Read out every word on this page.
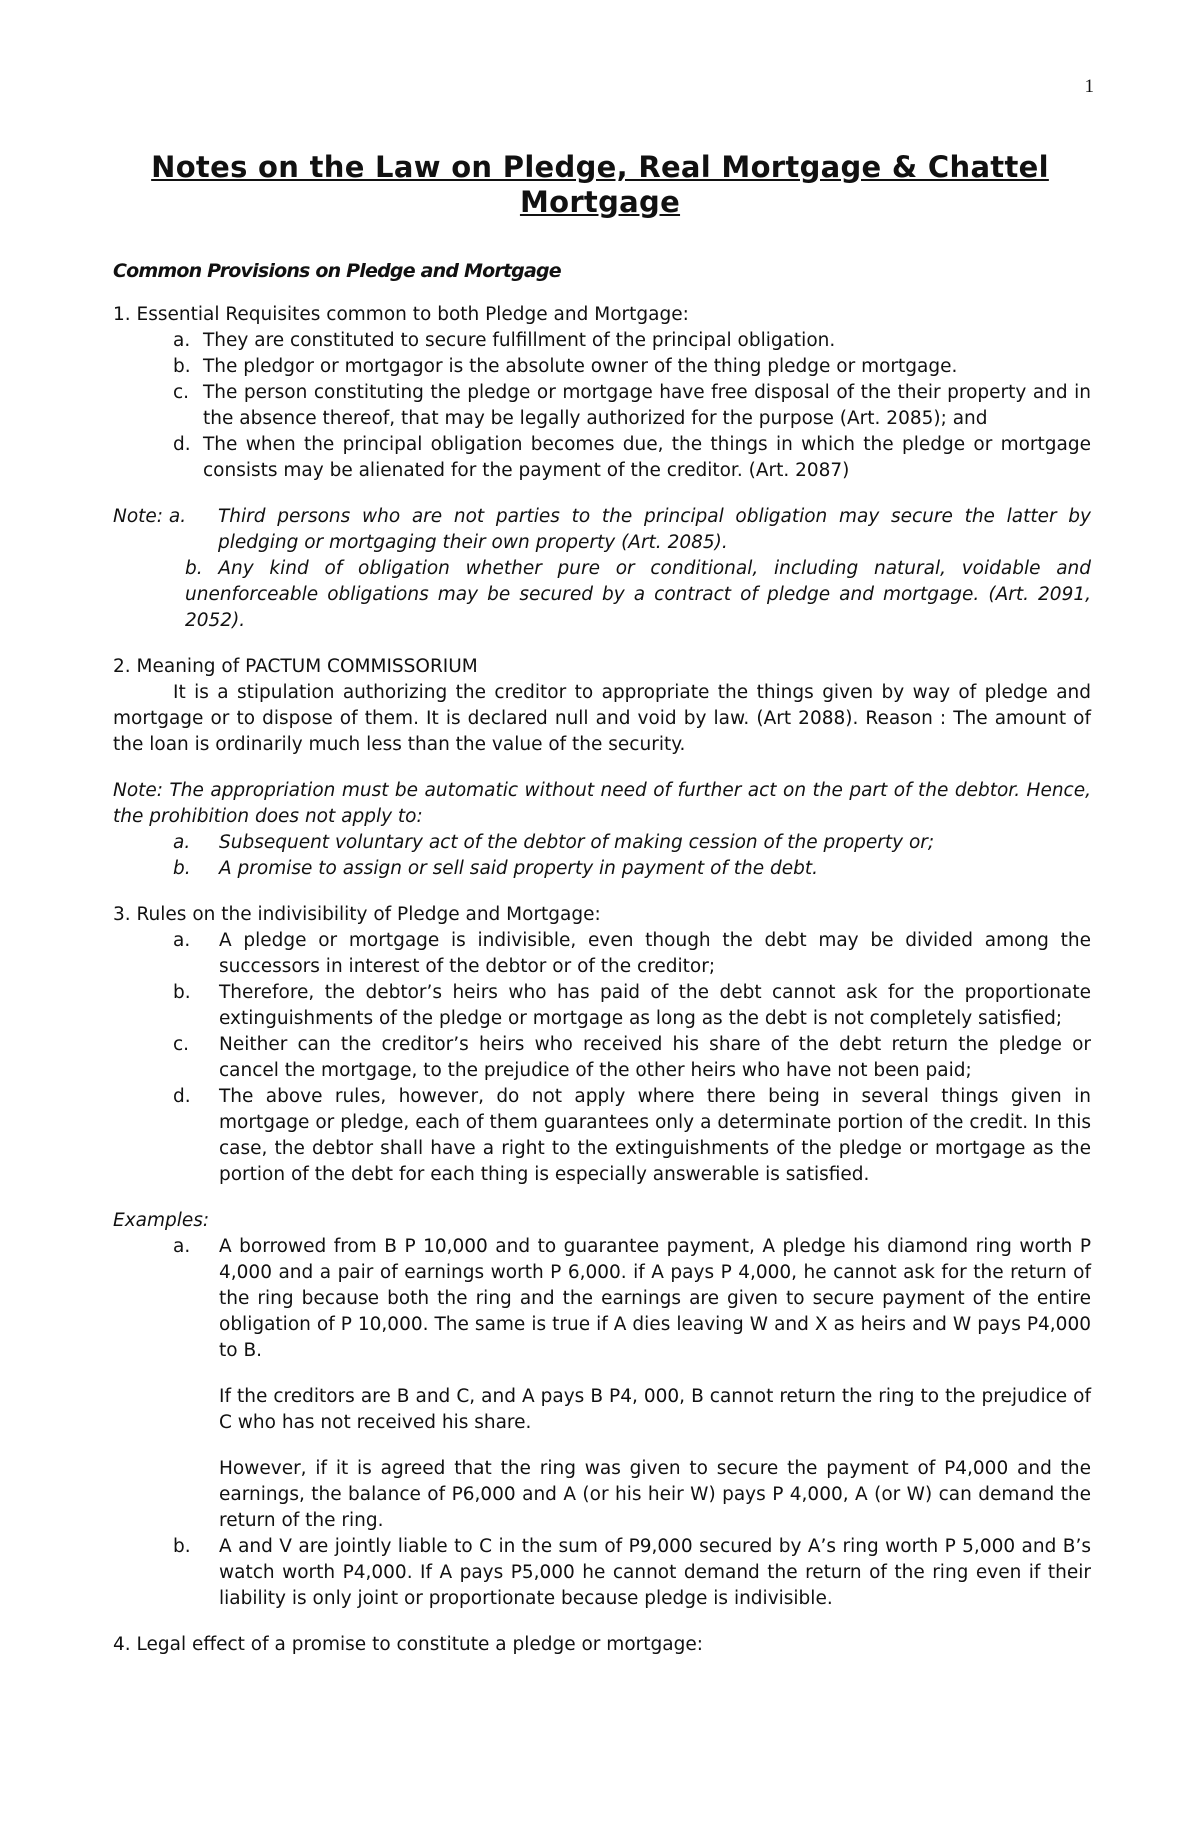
1
Notes on the Law on Pledge, Real Mortgage & Chattel Mortgage
Common Provisions on Pledge and Mortgage

1. Essential Requisites common to both Pledge and Mortgage:

a. They are constituted to secure fulfillment of the principal obligation.
b. The pledgor or mortgagor is the absolute owner of the thing pledge or mortgage.
c. The person constituting the pledge or mortgage have free disposal of the their property and in the absence thereof, that may be legally authorized for the purpose (Art. 2085); and
d. The when the principal obligation becomes due, the things in which the pledge or mortgage consists may be alienated for the payment of the creditor. (Art. 2087)
Note: a. Third persons who are not parties to the principal obligation may secure the latter by pledging or mortgaging their own property (Art. 2085).
b. Any kind of obligation whether pure or conditional, including natural, voidable and unenforceable obligations may be secured by a contract of pledge and mortgage. (Art. 2091, 2052).

2. Meaning of PACTUM COMMISSORIUM

It is a stipulation authorizing the creditor to appropriate the things given by way of pledge and mortgage or to dispose of them. It is declared null and void by law. (Art 2088). Reason : The amount of the loan is ordinarily much less than the value of the security.

Note: The appropriation must be automatic without need of further act on the part of the debtor. Hence, the prohibition does not apply to:

a. Subsequent voluntary act of the debtor of making cession of the property or;
b. A promise to assign or sell said property in payment of the debt.

3. Rules on the indivisibility of Pledge and Mortgage:

a. A pledge or mortgage is indivisible, even though the debt may be divided among the successors in interest of the debtor or of the creditor;
b. Therefore, the debtor’s heirs who has paid of the debt cannot ask for the proportionate extinguishments of the pledge or mortgage as long as the debt is not completely satisfied;
c. Neither can the creditor’s heirs who received his share of the debt return the pledge or cancel the mortgage, to the prejudice of the other heirs who have not been paid;
d. The above rules, however, do not apply where there being in several things given in mortgage or pledge, each of them guarantees only a determinate portion of the credit. In this case, the debtor shall have a right to the extinguishments of the pledge or mortgage as the portion of the debt for each thing is especially answerable is satisfied.

Examples:

a. A borrowed from B P 10,000 and to guarantee payment, A pledge his diamond ring worth P 4,000 and a pair of earnings worth P 6,000. if A pays P 4,000, he cannot ask for the return of the ring because both the ring and the earnings are given to secure payment of the entire obligation of P 10,000. The same is true if A dies leaving W and X as heirs and W pays P4,000 to B.
If the creditors are B and C, and A pays B P4, 000, B cannot return the ring to the prejudice of C who has not received his share.
However, if it is agreed that the ring was given to secure the payment of P4,000 and the earnings, the balance of P6,000 and A (or his heir W) pays P 4,000, A (or W) can demand the return of the ring.
b. A and V are jointly liable to C in the sum of P9,000 secured by A’s ring worth P 5,000 and B’s watch worth P4,000. If A pays P5,000 he cannot demand the return of the ring even if their liability is only joint or proportionate because pledge is indivisible.

4. Legal effect of a promise to constitute a pledge or mortgage:
